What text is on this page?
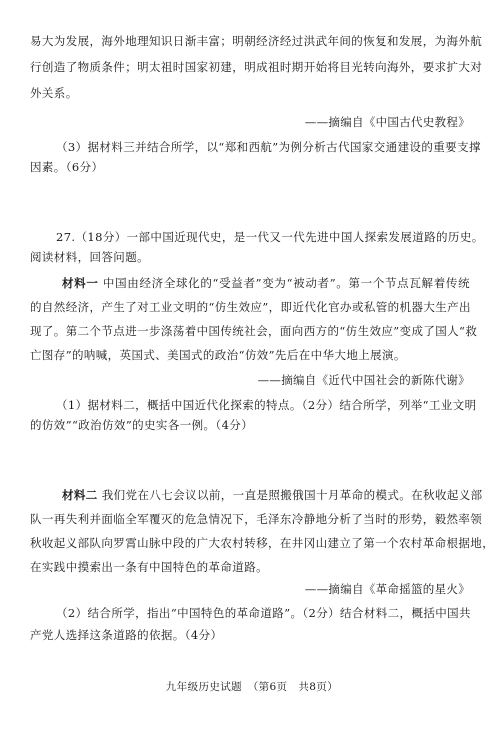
易大为发展，海外地理知识日渐丰富；明朝经济经过洪武年间的恢复和发展，为海外航
行创造了物质条件；明太祖时国家初建，明成祖时期开始将目光转向海外，要求扩大对
外关系。
——摘编自《中国古代史教程》
（3）据材料三并结合所学，以“郑和西航”为例分析古代国家交通建设的重要支撑
因素。（6分）
27.（18分）一部中国近现代史，是一代又一代先进中国人探索发展道路的历史。
阅读材料，回答问题。
材料一 中国由经济全球化的“受益者”变为“被动者”。第一个节点瓦解着传统
的自然经济，产生了对工业文明的“仿生效应”，即近代化官办或私管的机器大生产出
现了。第二个节点进一步涤荡着中国传统社会，面向西方的“仿生效应”变成了国人“救
亡图存”的呐喊，英国式、美国式的政治“仿效”先后在中华大地上展演。
——摘编自《近代中国社会的新陈代谢》
（1）据材料二，概括中国近代化探索的特点。（2分）结合所学，列举“工业文明
的仿效”“政治仿效”的史实各一例。（4分）
材料二 我们党在八七会议以前，一直是照搬俄国十月革命的模式。在秋收起义部
队一再失利并面临全军覆灭的危急情况下，毛泽东冷静地分析了当时的形势，毅然率领
秋收起义部队向罗霄山脉中段的广大农村转移，在井冈山建立了第一个农村革命根据地，
在实践中摸索出一条有中国特色的革命道路。
——摘编自《革命摇篮的星火》
（2）结合所学，指出“中国特色的革命道路”。（2分）结合材料二，概括中国共
产党人选择这条道路的依据。（4分）
九年级历史试题　（第6页　共8页）
